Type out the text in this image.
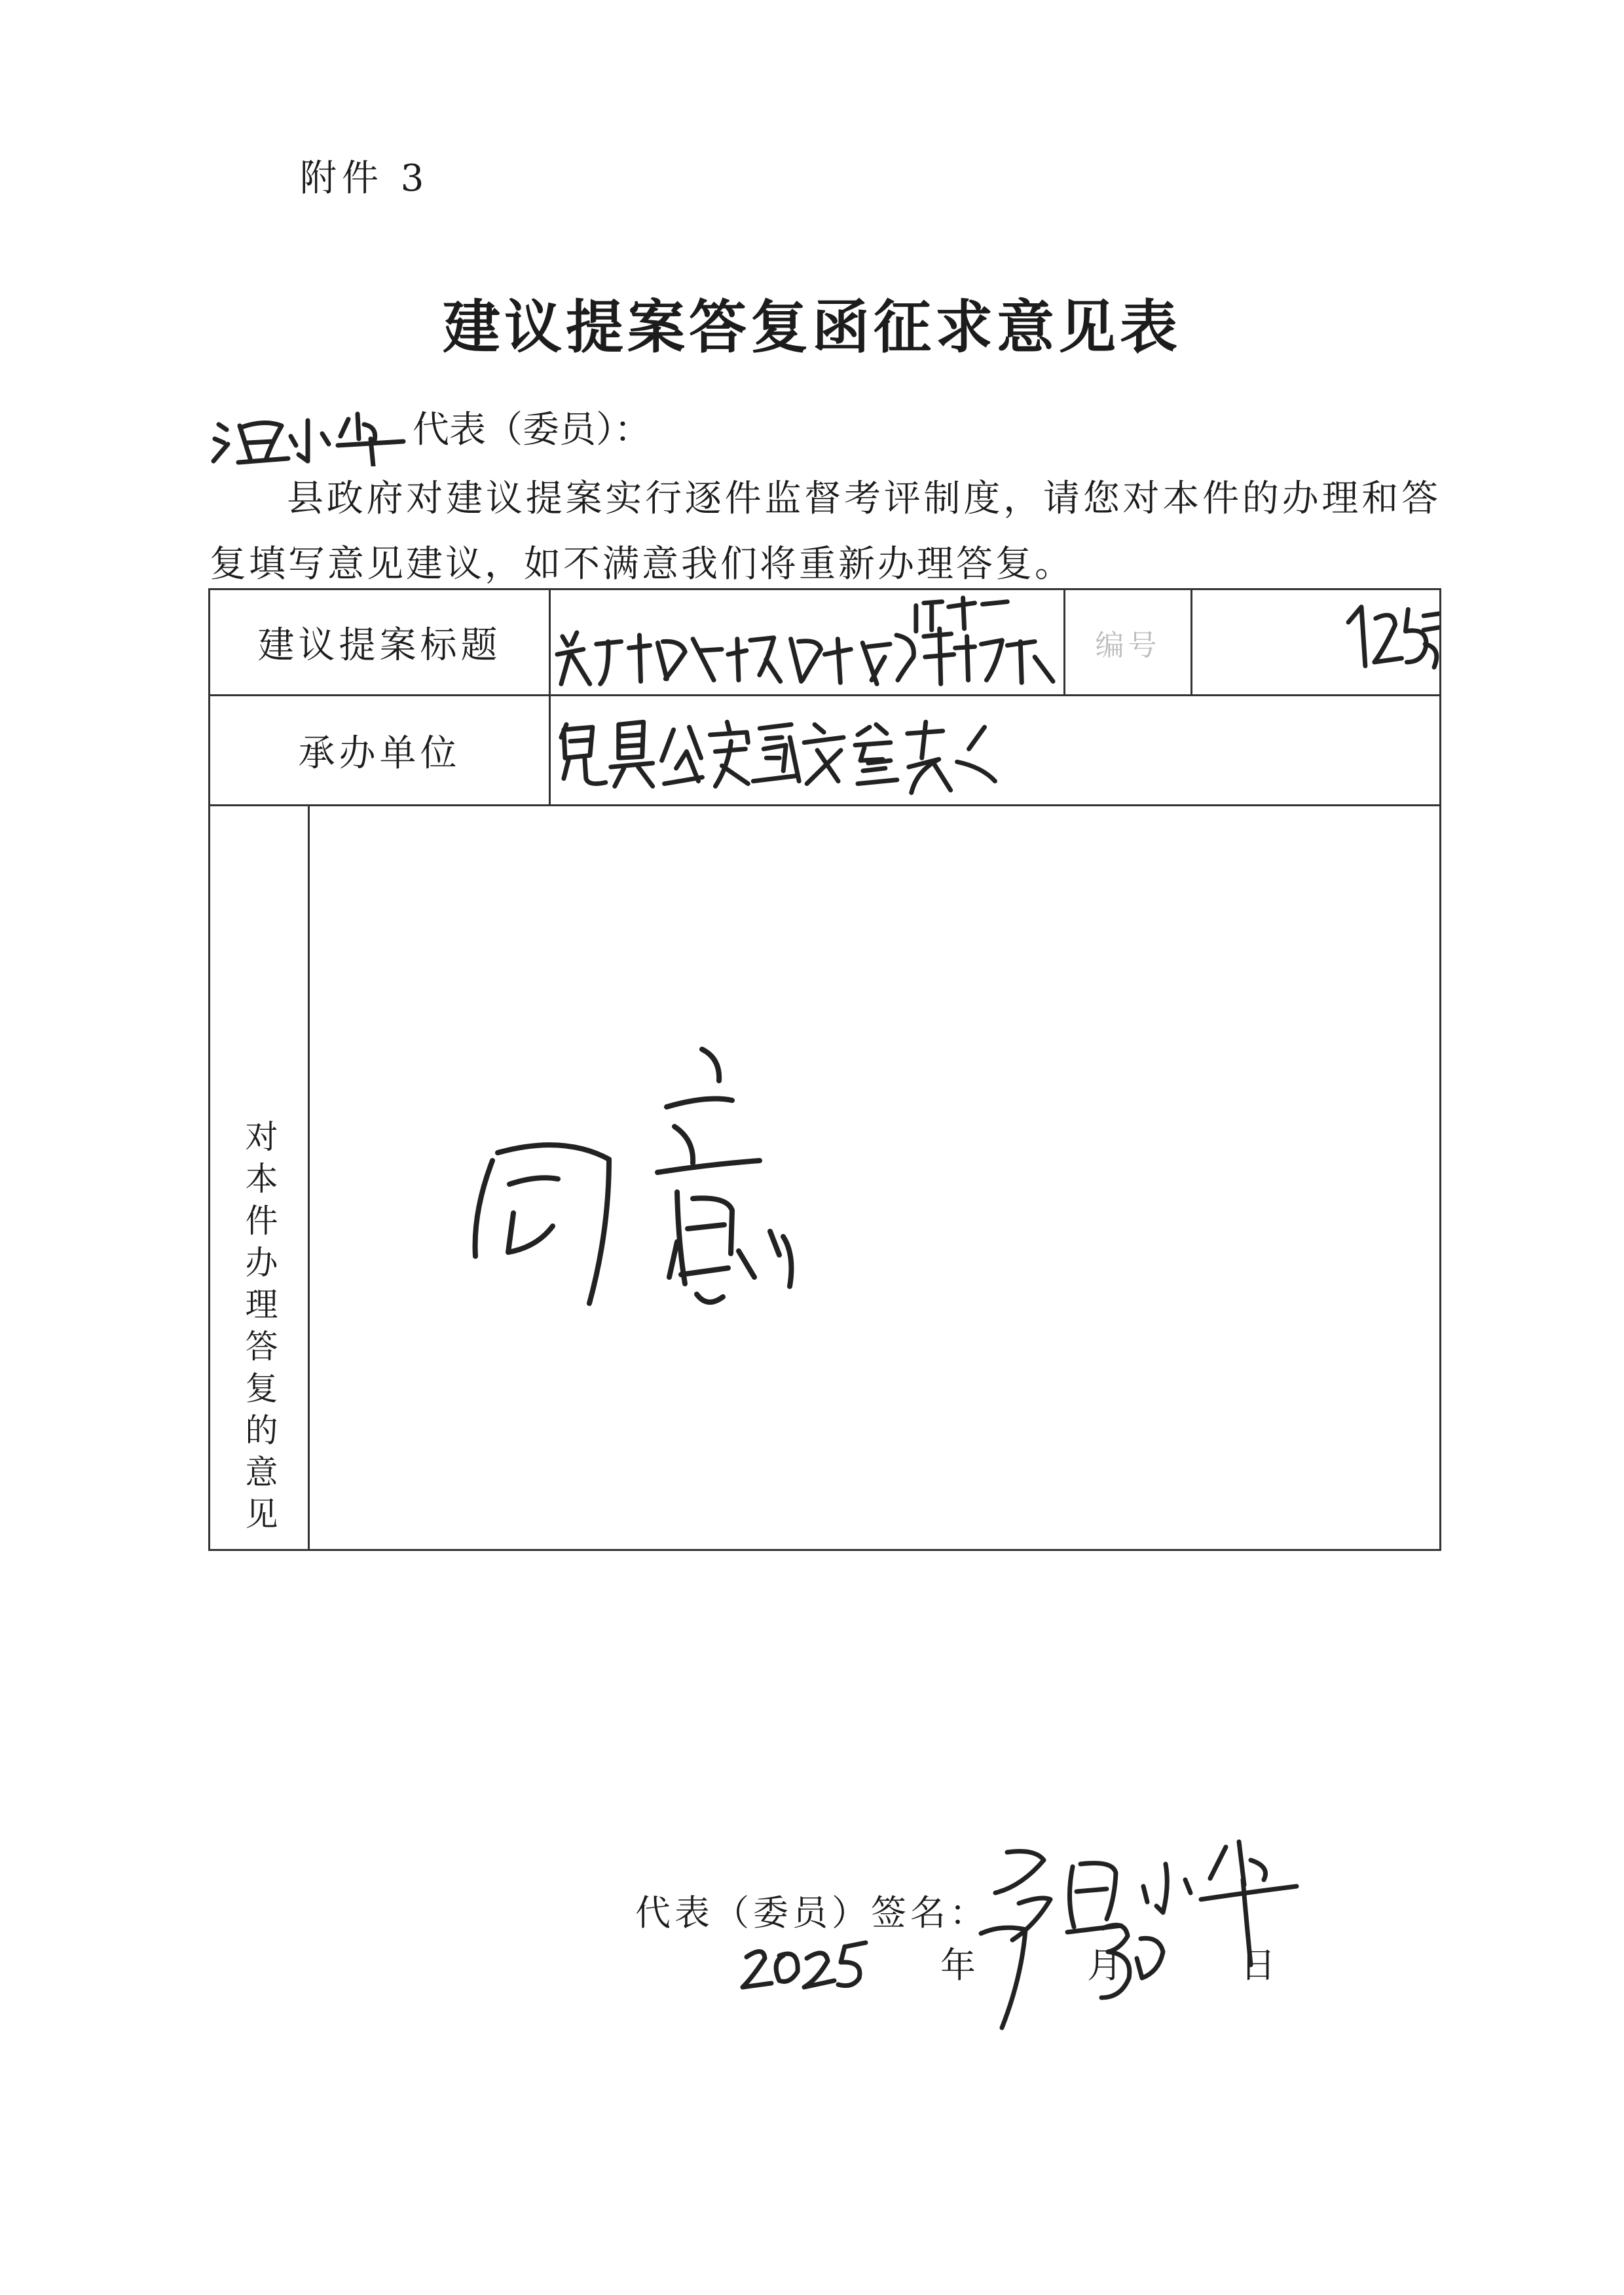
附件 3
建议提案答复函征求意见表
代表（委员）：
县政府对建议提案实行逐件监督考评制度，请您对本件的办理和答复填写意见建议，如不满意我们将重新办理答复。
建议提案标题			编号	

承办单位	

对本件办理答复的意见				
代表（委员）签名：
年	月	日
